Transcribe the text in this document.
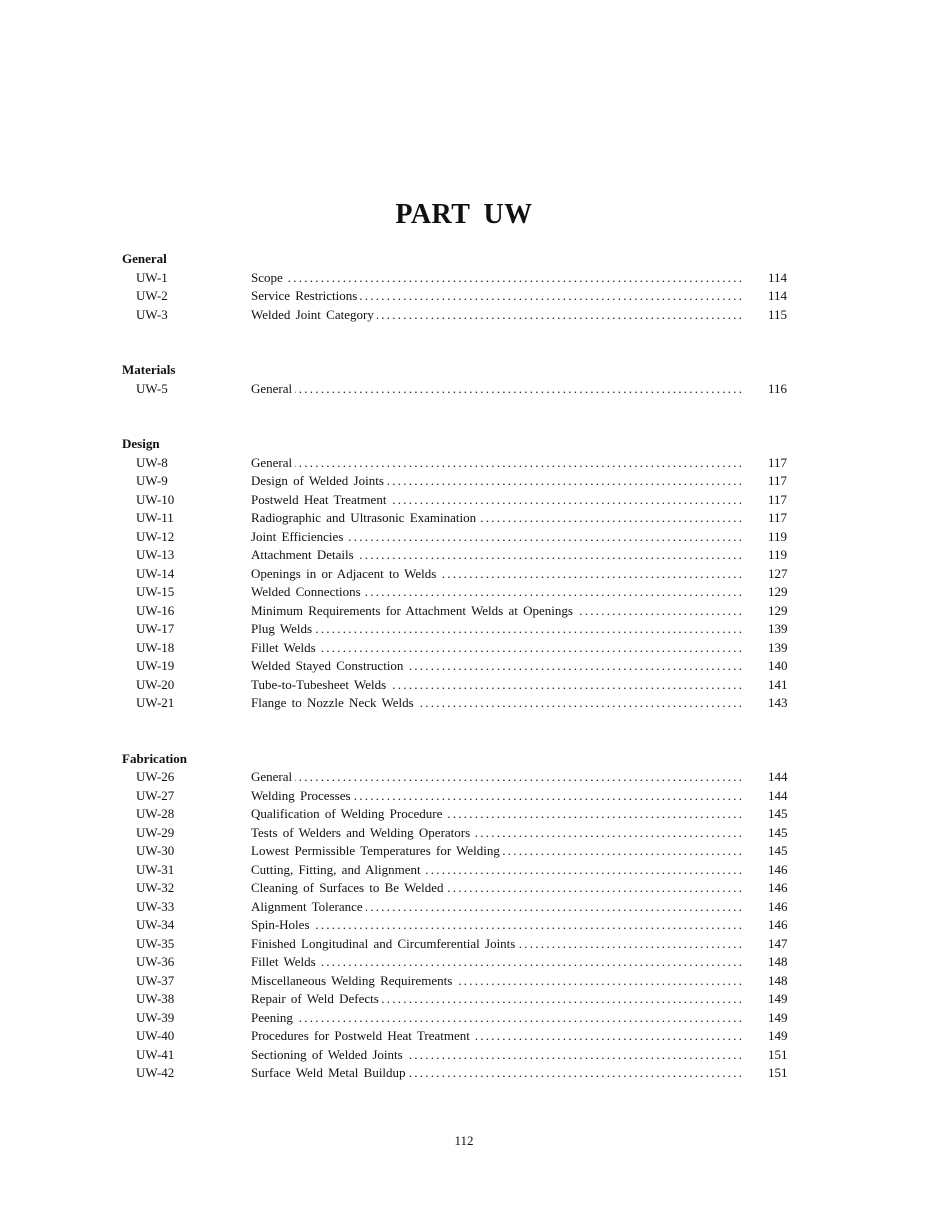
PART UW
General
UW-1	Scope . . .	114
UW-2	Service Restrictions . . .	114
UW-3	Welded Joint Category . . .	115
Materials
UW-5	General . . .	116
Design
UW-8	General . . .	117
UW-9	Design of Welded Joints . . .	117
UW-10	Postweld Heat Treatment . . .	117
UW-11	Radiographic and Ultrasonic Examination . . .	117
UW-12	Joint Efficiencies . . .	119
UW-13	Attachment Details . . .	119
UW-14	Openings in or Adjacent to Welds . . .	127
UW-15	Welded Connections . . .	129
UW-16	Minimum Requirements for Attachment Welds at Openings . . .	129
UW-17	Plug Welds . . .	139
UW-18	Fillet Welds . . .	139
UW-19	Welded Stayed Construction . . .	140
UW-20	Tube-to-Tubesheet Welds . . .	141
UW-21	Flange to Nozzle Neck Welds . . .	143
Fabrication
UW-26	General . . .	144
UW-27	Welding Processes . . .	144
UW-28	Qualification of Welding Procedure . . .	145
UW-29	Tests of Welders and Welding Operators . . .	145
UW-30	Lowest Permissible Temperatures for Welding . . .	145
UW-31	Cutting, Fitting, and Alignment . . .	146
UW-32	Cleaning of Surfaces to Be Welded . . .	146
UW-33	Alignment Tolerance . . .	146
UW-34	Spin-Holes . . .	146
UW-35	Finished Longitudinal and Circumferential Joints . . .	147
UW-36	Fillet Welds . . .	148
UW-37	Miscellaneous Welding Requirements . . .	148
UW-38	Repair of Weld Defects . . .	149
UW-39	Peening . . .	149
UW-40	Procedures for Postweld Heat Treatment . . .	149
UW-41	Sectioning of Welded Joints . . .	151
UW-42	Surface Weld Metal Buildup . . .	151
112
